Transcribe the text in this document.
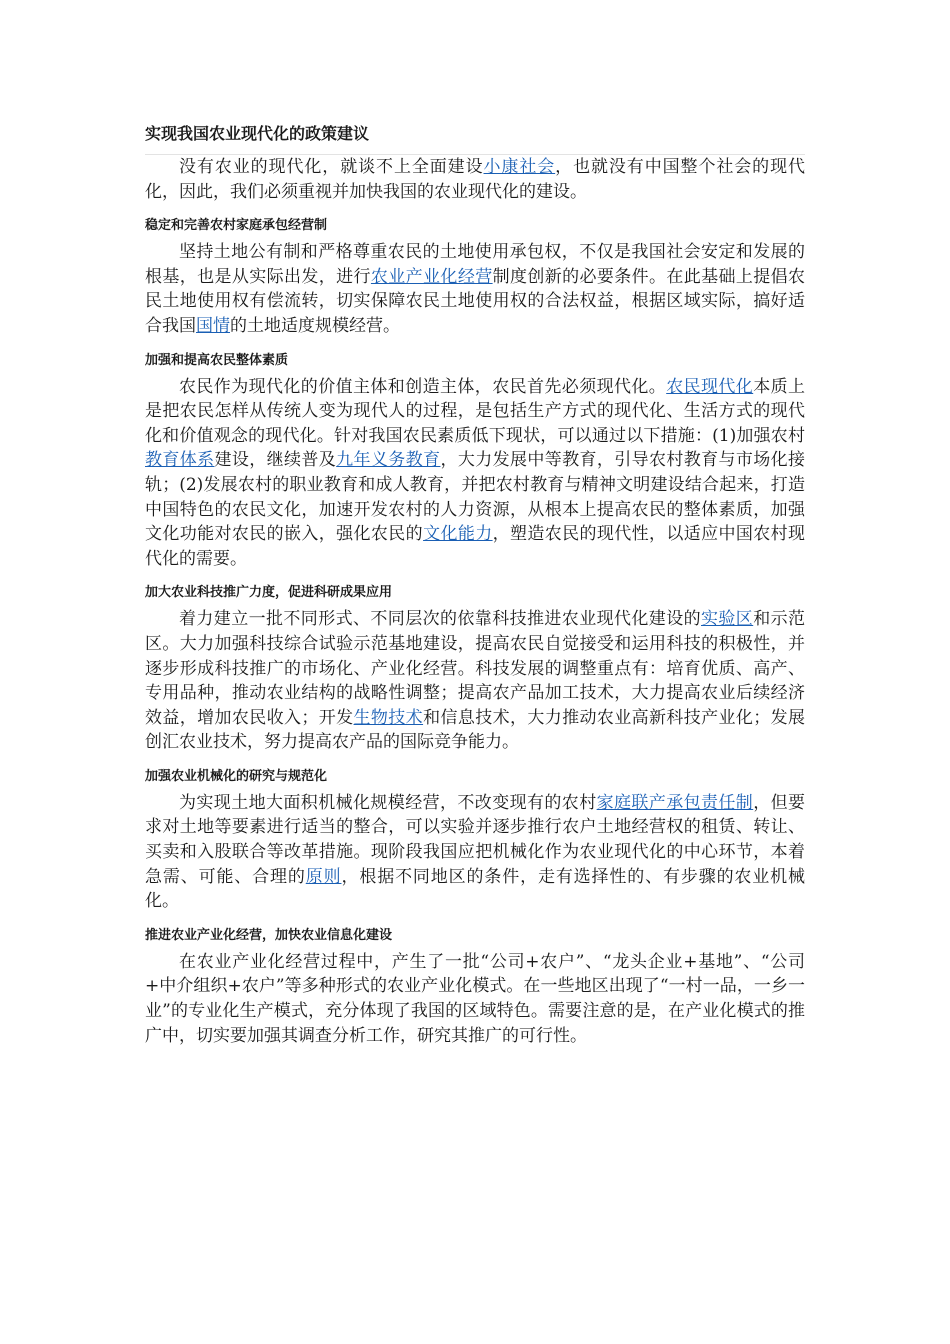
实现我国农业现代化的政策建议

没有农业的现代化，就谈不上全面建设小康社会，也就没有中国整个社会的现代化，因此，我们必须重视并加快我国的农业现代化的建设。

稳定和完善农村家庭承包经营制

坚持土地公有制和严格尊重农民的土地使用承包权，不仅是我国社会安定和发展的根基，也是从实际出发，进行农业产业化经营制度创新的必要条件。在此基础上提倡农民土地使用权有偿流转，切实保障农民土地使用权的合法权益，根据区域实际，搞好适合我国国情的土地适度规模经营。

加强和提高农民整体素质

农民作为现代化的价值主体和创造主体，农民首先必须现代化。农民现代化本质上是把农民怎样从传统人变为现代人的过程，是包括生产方式的现代化、生活方式的现代化和价值观念的现代化。针对我国农民素质低下现状，可以通过以下措施：(1)加强农村教育体系建设，继续普及九年义务教育，大力发展中等教育，引导农村教育与市场化接轨；(2)发展农村的职业教育和成人教育，并把农村教育与精神文明建设结合起来，打造中国特色的农民文化，加速开发农村的人力资源，从根本上提高农民的整体素质，加强文化功能对农民的嵌入，强化农民的文化能力，塑造农民的现代性，以适应中国农村现代化的需要。

加大农业科技推广力度，促进科研成果应用

着力建立一批不同形式、不同层次的依靠科技推进农业现代化建设的实验区和示范区。大力加强科技综合试验示范基地建设，提高农民自觉接受和运用科技的积极性，并逐步形成科技推广的市场化、产业化经营。科技发展的调整重点有：培育优质、高产、专用品种，推动农业结构的战略性调整；提高农产品加工技术，大力提高农业后续经济效益，增加农民收入；开发生物技术和信息技术，大力推动农业高新科技产业化；发展创汇农业技术，努力提高农产品的国际竞争能力。

加强农业机械化的研究与规范化

为实现土地大面积机械化规模经营，不改变现有的农村家庭联产承包责任制，但要求对土地等要素进行适当的整合，可以实验并逐步推行农户土地经营权的租赁、转让、买卖和入股联合等改革措施。现阶段我国应把机械化作为农业现代化的中心环节，本着急需、可能、合理的原则，根据不同地区的条件，走有选择性的、有步骤的农业机械化。

推进农业产业化经营，加快农业信息化建设

在农业产业化经营过程中，产生了一批“公司+农户”、“龙头企业+基地”、“公司+中介组织+农户”等多种形式的农业产业化模式。在一些地区出现了“一村一品，一乡一业”的专业化生产模式，充分体现了我国的区域特色。需要注意的是，在产业化模式的推广中，切实要加强其调查分析工作，研究其推广的可行性。
